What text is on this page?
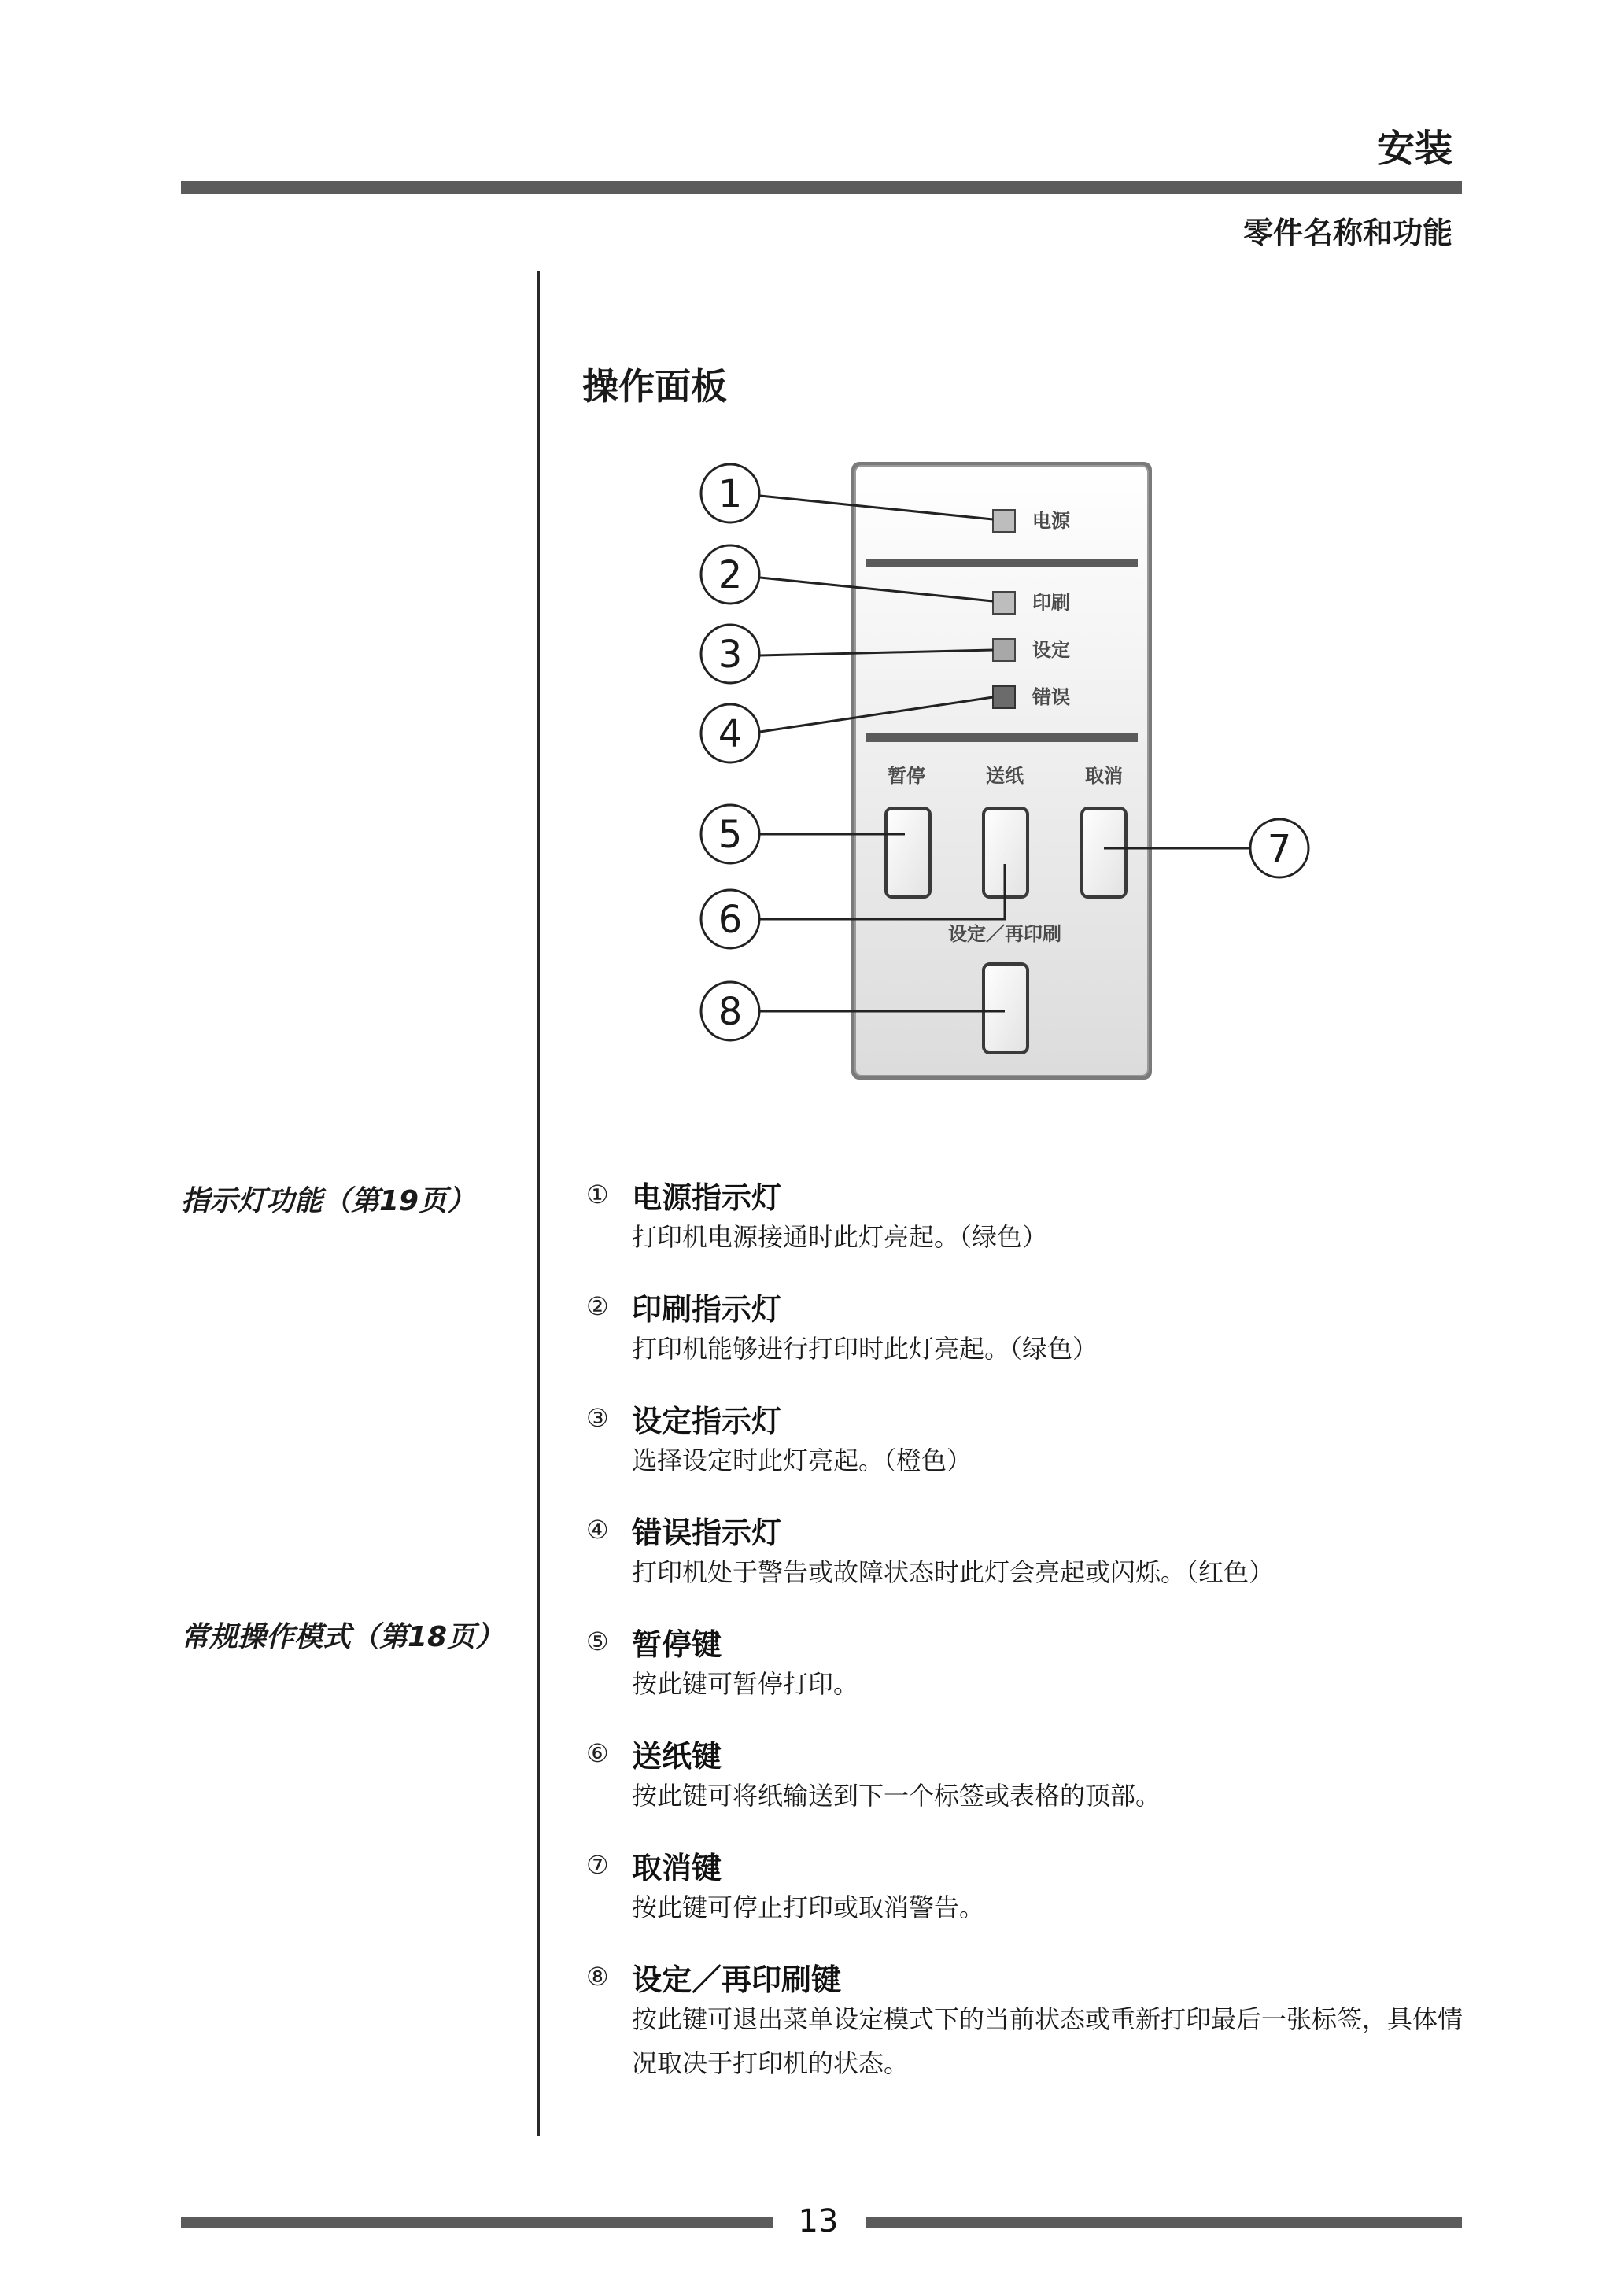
安装
零件名称和功能
操作面板
电源
印刷
设定
错误
暂停	送纸	取消
设定／再印刷
1
2
3
4
5
6
7
8
指示灯功能（第19页）
常规操作模式（第18页）
① 电源指示灯
打印机电源接通时此灯亮起。（绿色）
② 印刷指示灯
打印机能够进行打印时此灯亮起。（绿色）
③ 设定指示灯
选择设定时此灯亮起。（橙色）
④ 错误指示灯
打印机处于警告或故障状态时此灯会亮起或闪烁。（红色）
⑤ 暂停键
按此键可暂停打印。
⑥ 送纸键
按此键可将纸输送到下一个标签或表格的顶部。
⑦ 取消键
按此键可停止打印或取消警告。
⑧ 设定／再印刷键
按此键可退出菜单设定模式下的当前状态或重新打印最后一张标签，具体情况取决于打印机的状态。
13
